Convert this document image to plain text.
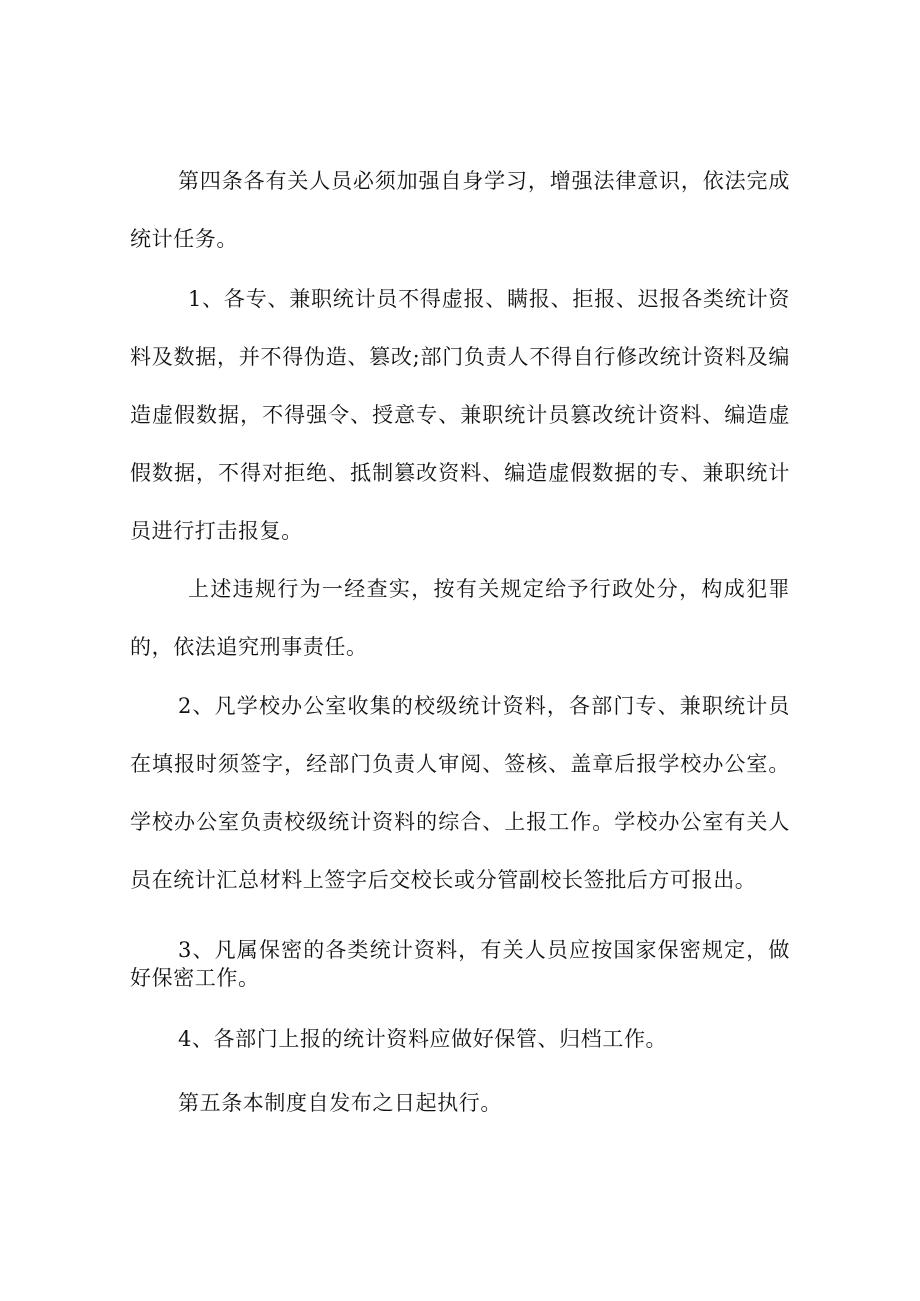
第四条各有关人员必须加强自身学习，增强法律意识，依法完成统计任务。

1、各专、兼职统计员不得虚报、瞒报、拒报、迟报各类统计资料及数据，并不得伪造、篡改;部门负责人不得自行修改统计资料及编造虚假数据，不得强令、授意专、兼职统计员篡改统计资料、编造虚假数据，不得对拒绝、抵制篡改资料、编造虚假数据的专、兼职统计员进行打击报复。

上述违规行为一经查实，按有关规定给予行政处分，构成犯罪的，依法追究刑事责任。

2、凡学校办公室收集的校级统计资料，各部门专、兼职统计员在填报时须签字，经部门负责人审阅、签核、盖章后报学校办公室。学校办公室负责校级统计资料的综合、上报工作。学校办公室有关人员在统计汇总材料上签字后交校长或分管副校长签批后方可报出。

3、凡属保密的各类统计资料，有关人员应按国家保密规定，做好保密工作。

4、各部门上报的统计资料应做好保管、归档工作。

第五条本制度自发布之日起执行。
